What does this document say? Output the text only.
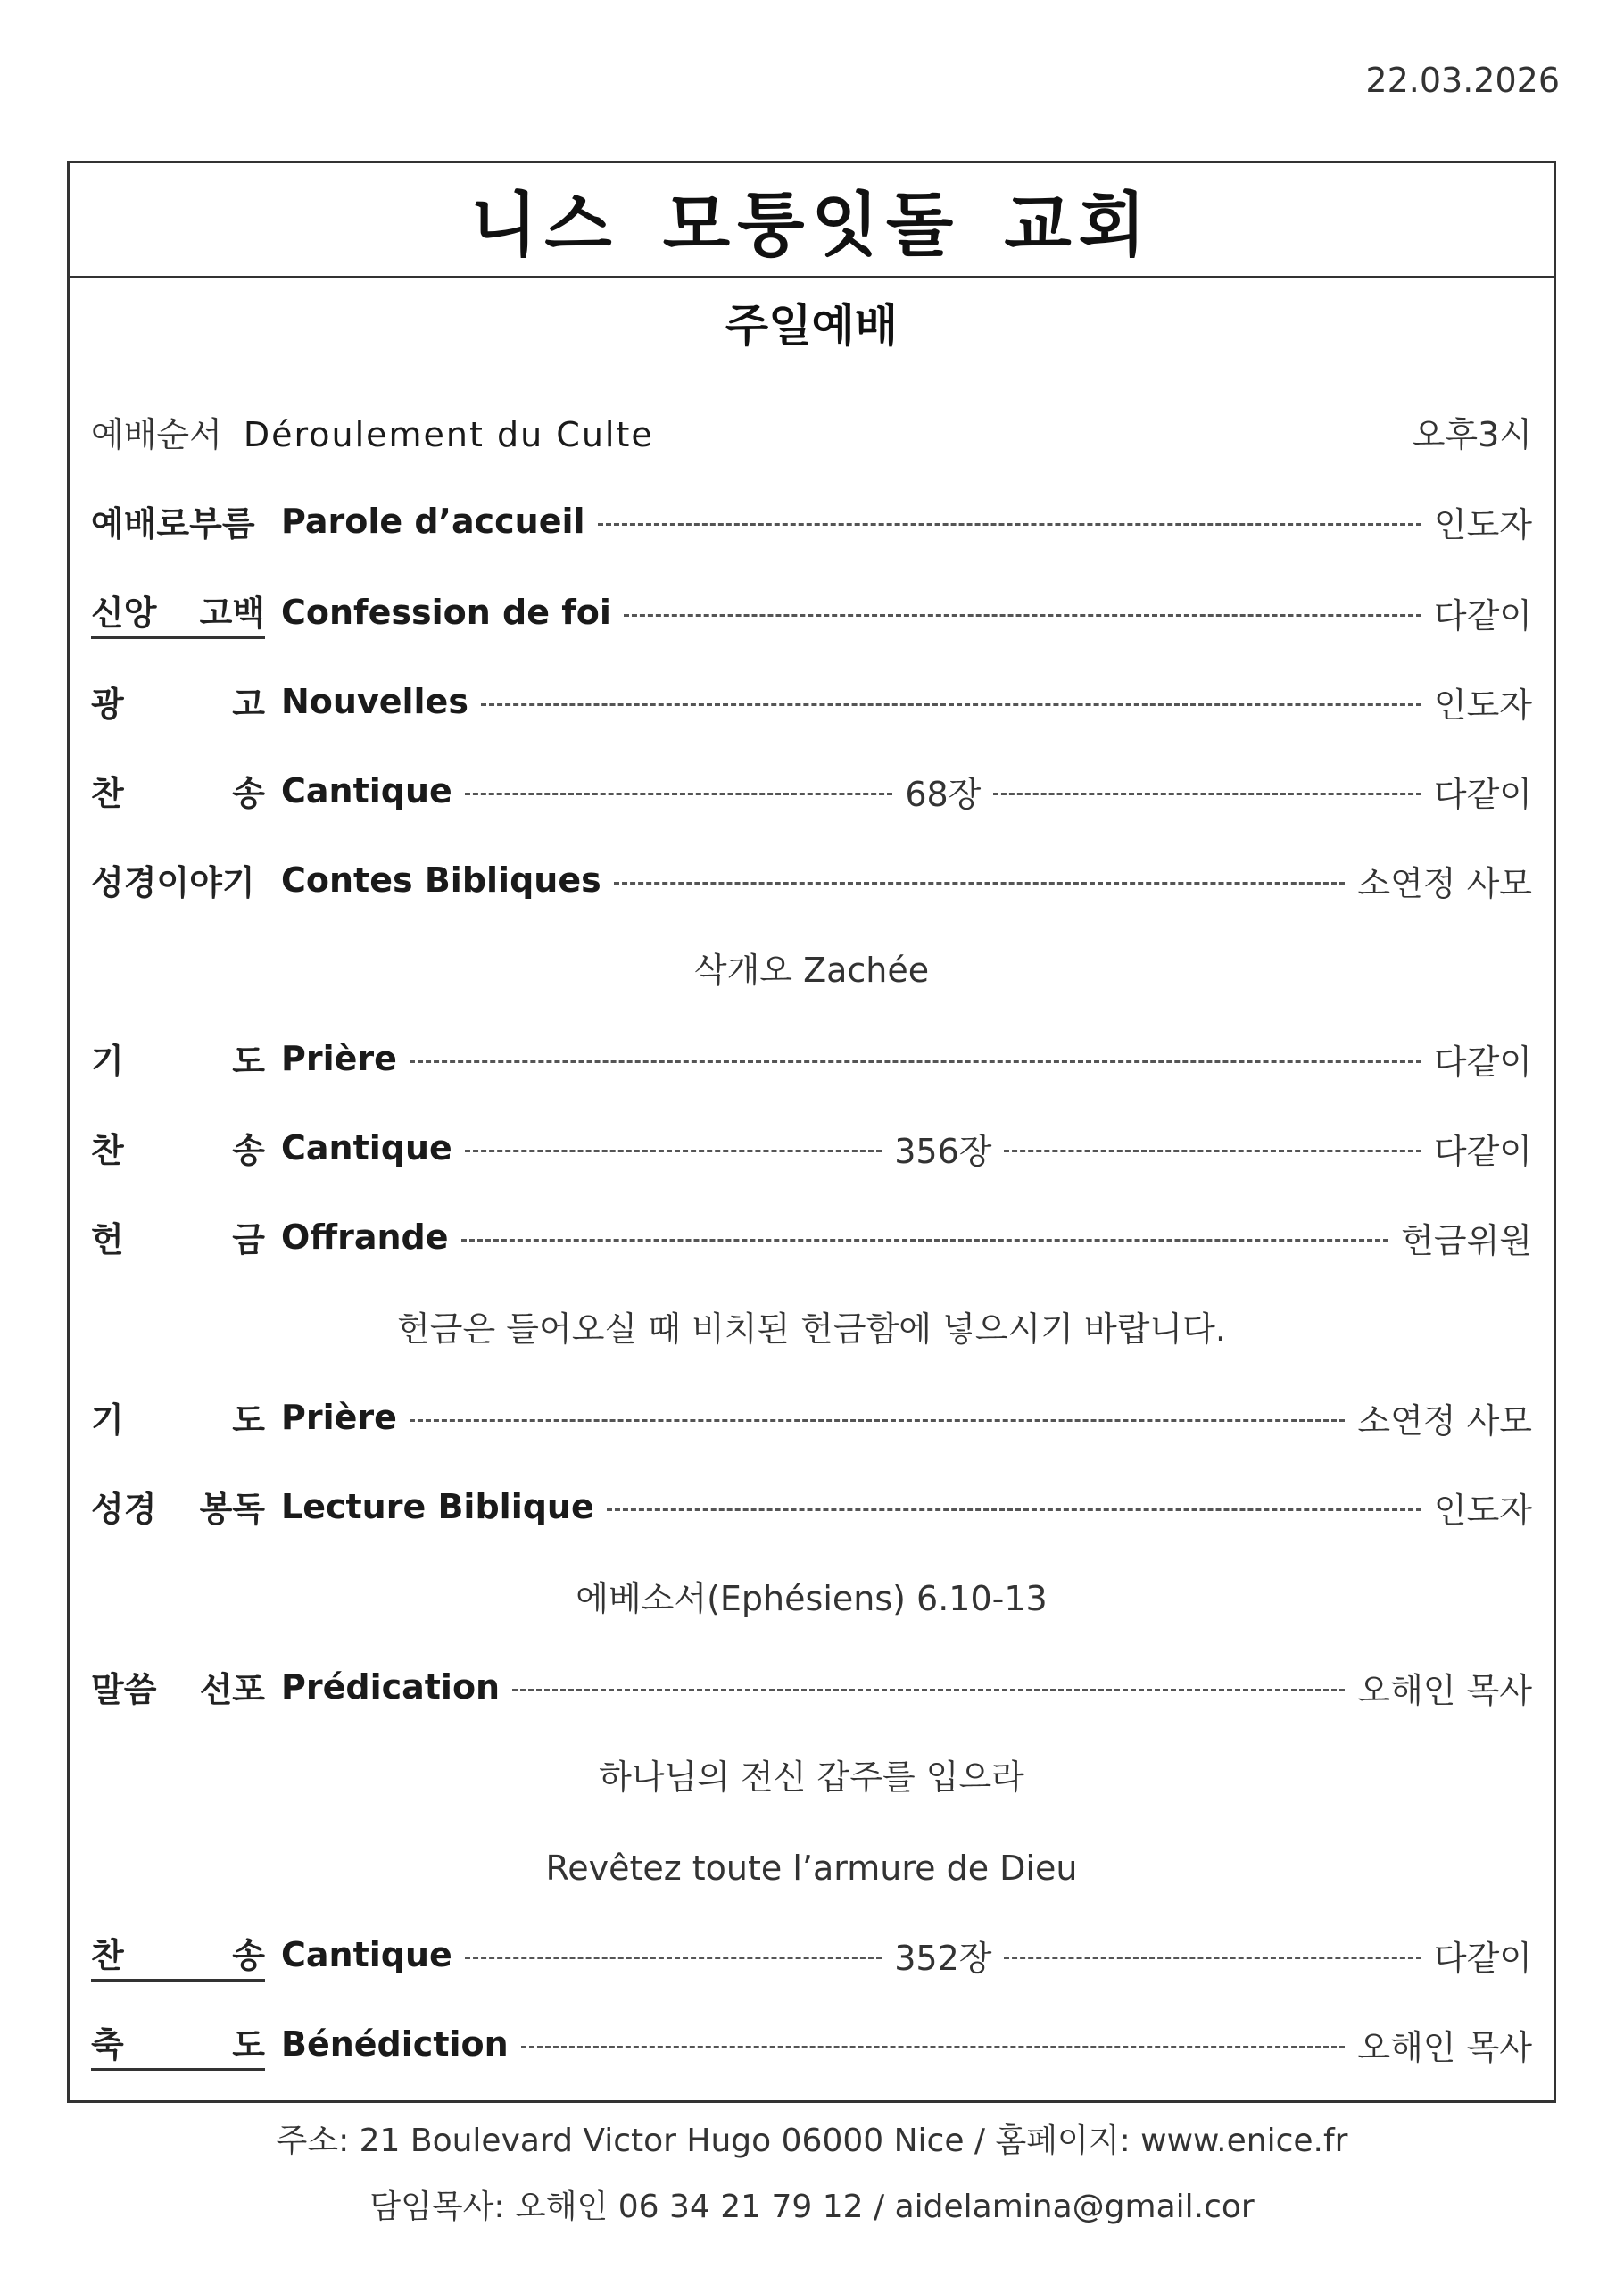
22.03.2026
니스 모퉁잇돌 교회
주일예배
예배순서 Déroulement du Culte	오후3시
예배로부름 Parole d’accueil	인도자
신앙 고백 Confession de foi	다같이
광	고 Nouvelles	인도자
찬	송 Cantique	68장	다같이
성경이야기 Contes Bibliques	소연정 사모
삭개오 Zachée
기	도 Prière	다같이
찬	송 Cantique	356장	다같이
헌	금 Offrande	헌금위원
헌금은 들어오실 때 비치된 헌금함에 넣으시기 바랍니다.
기	도 Prière	소연정 사모
성경 봉독 Lecture Biblique	인도자
에베소서(Ephésiens) 6.10-13
말씀 선포 Prédication	오해인 목사
하나님의 전신 갑주를 입으라
Revêtez toute l’armure de Dieu
찬	송 Cantique	352장	다같이
축	도 Bénédiction	오해인 목사
주소: 21 Boulevard Victor Hugo 06000 Nice / 홈페이지: www.enice.fr
담임목사: 오해인 06 34 21 79 12 / aidelamina@gmail.cor
